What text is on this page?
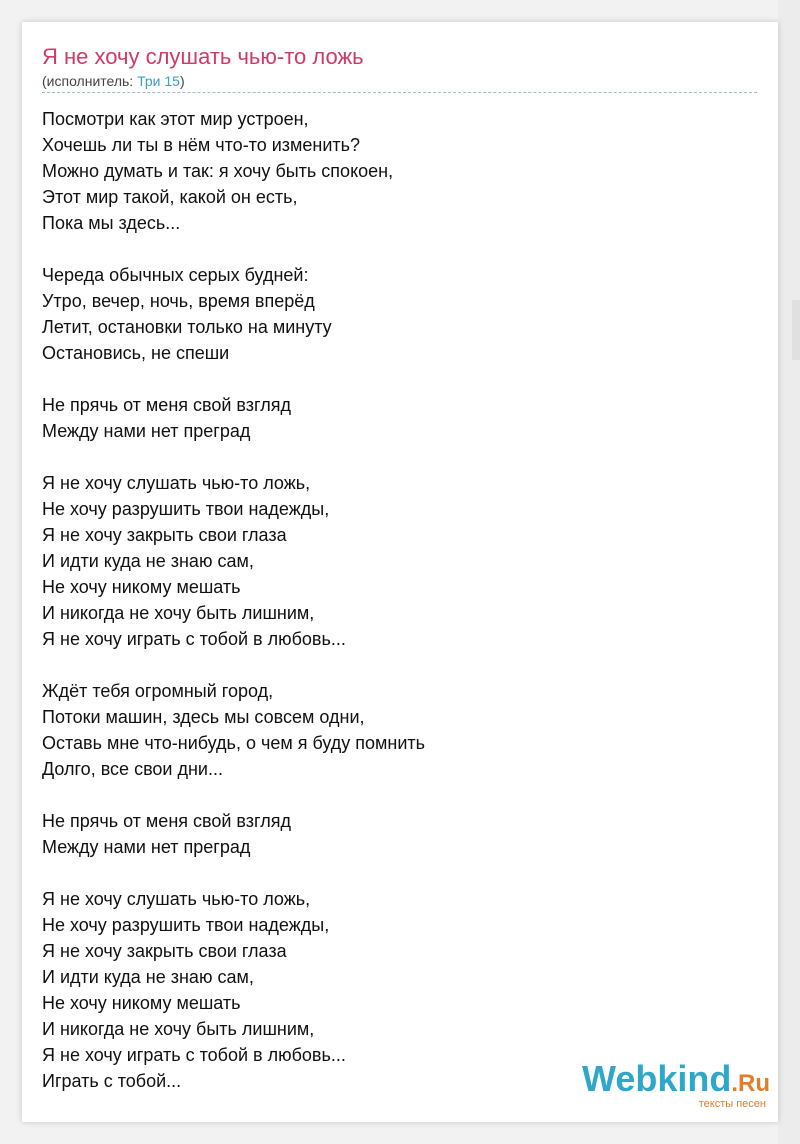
Я не хочу слушать чью-то ложь
(исполнитель: Три 15)
Посмотри как этот мир устроен,
Хочешь ли ты в нём что-то изменить?
Можно думать и так: я хочу быть спокоен,
Этот мир такой, какой он есть,
Пока мы здесь...
Череда обычных серых будней:
Утро, вечер, ночь, время вперёд
Летит, остановки только на минуту
Остановись, не спеши
Не прячь от меня свой взгляд
Между нами нет преград
Я не хочу слушать чью-то ложь,
Не хочу разрушить твои надежды,
Я не хочу закрыть свои глаза
И идти куда не знаю сам,
Не хочу никому мешать
И никогда не хочу быть лишним,
Я не хочу играть с тобой в любовь...
Ждёт тебя огромный город,
Потоки машин, здесь мы совсем одни,
Оставь мне что-нибудь, о чем я буду помнить
Долго, все свои дни...
Не прячь от меня свой взгляд
Между нами нет преград
Я не хочу слушать чью-то ложь,
Не хочу разрушить твои надежды,
Я не хочу закрыть свои глаза
И идти куда не знаю сам,
Не хочу никому мешать
И никогда не хочу быть лишним,
Я не хочу играть с тобой в любовь...
Играть с тобой...	Webkind.Ru
тексты песен
